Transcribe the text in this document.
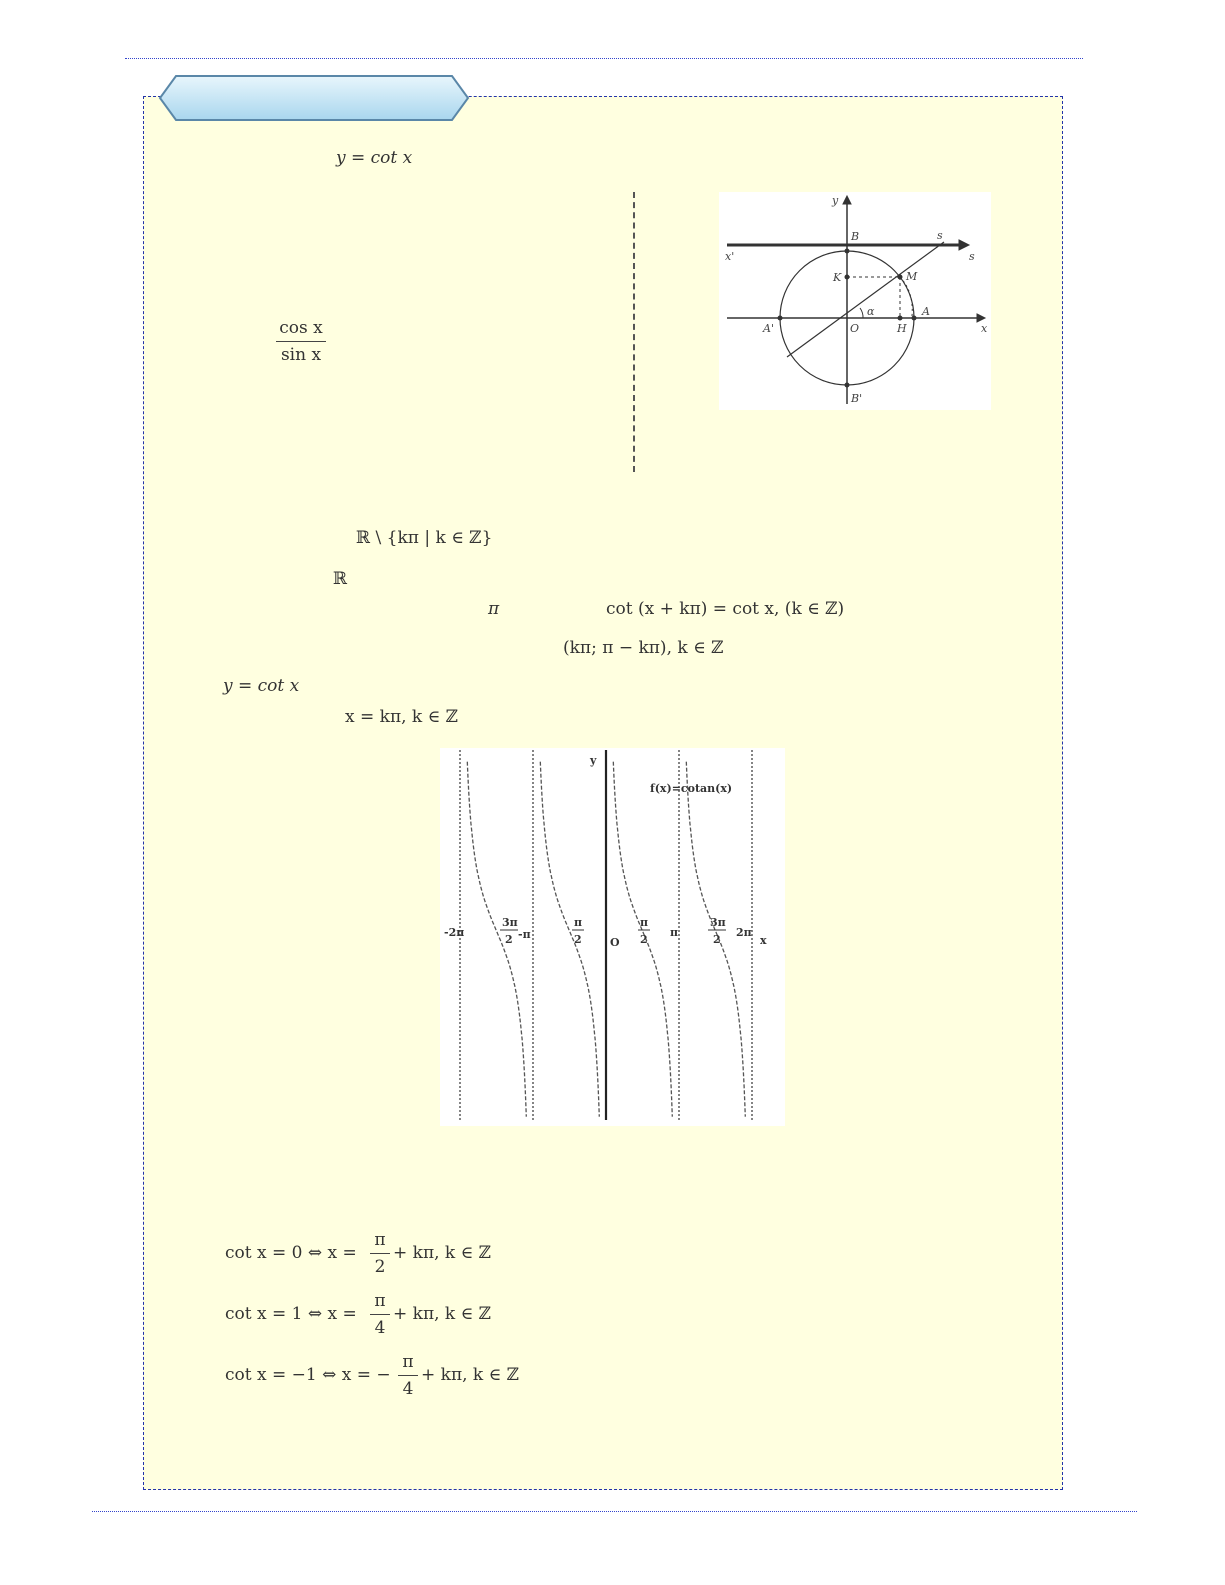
y = cot x
cos x
sin x
ℝ \ {kπ | k ∈ ℤ}
ℝ
π	cot (x + kπ) = cot x, (k ∈ ℤ)
(kπ; π − kπ), k ∈ ℤ
y = cot x
x = kπ, k ∈ ℤ
cot x = 0 ⇔ x =
π
2
+ kπ, k ∈ ℤ
cot x = 1 ⇔ x =
π
4
+ kπ, k ∈ ℤ
cot x = −1 ⇔ x = −
π
4
+ kπ, k ∈ ℤ
y
x
x'
s
s
B
B'
K	M
O	H
A
A'
α
y
f(x)=cotan(x)
-2π
3π
2 -π
π
2	O
π
2
π
3π
2
2π
x
